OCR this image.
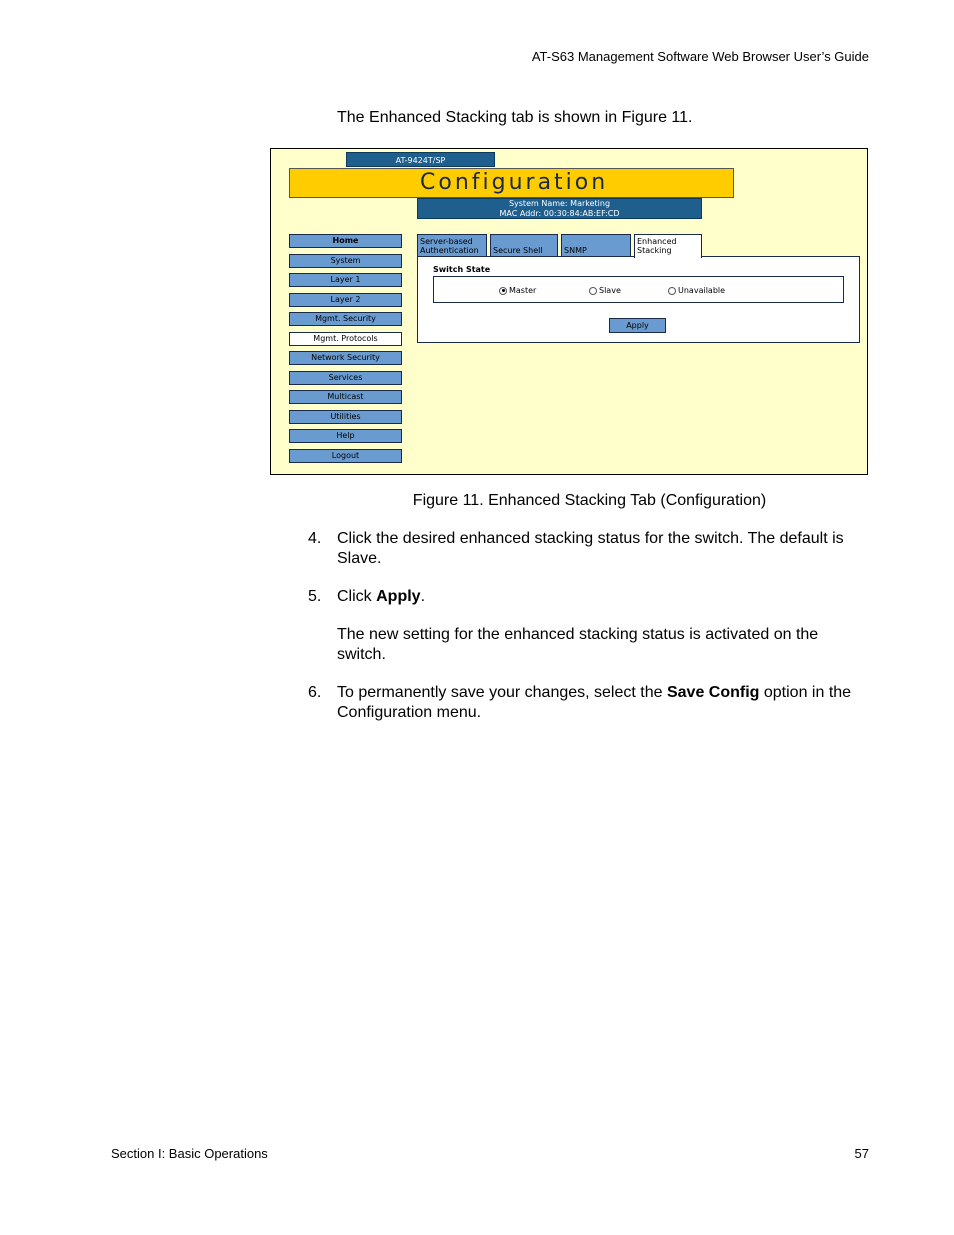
AT-S63 Management Software Web Browser User’s Guide
The Enhanced Stacking tab is shown in Figure 11.
AT-9424T/SP
Configuration
System Name: Marketing
MAC Addr: 00:30:84:AB:EF:CD
Home
System
Layer 1
Layer 2
Mgmt. Security
Mgmt. Protocols
Network Security
Services
Multicast
Utilities
Help
Logout
Server-based Authentication	Secure Shell	SNMP
Enhanced Stacking
Switch State
Master	Slave	Unavailable
Apply
Figure 11. Enhanced Stacking Tab (Configuration)
4. Click the desired enhanced stacking status for the switch. The default is Slave.
5. Click Apply.
The new setting for the enhanced stacking status is activated on the switch.
6. To permanently save your changes, select the Save Config option in the Configuration menu.
Section I: Basic Operations	57
